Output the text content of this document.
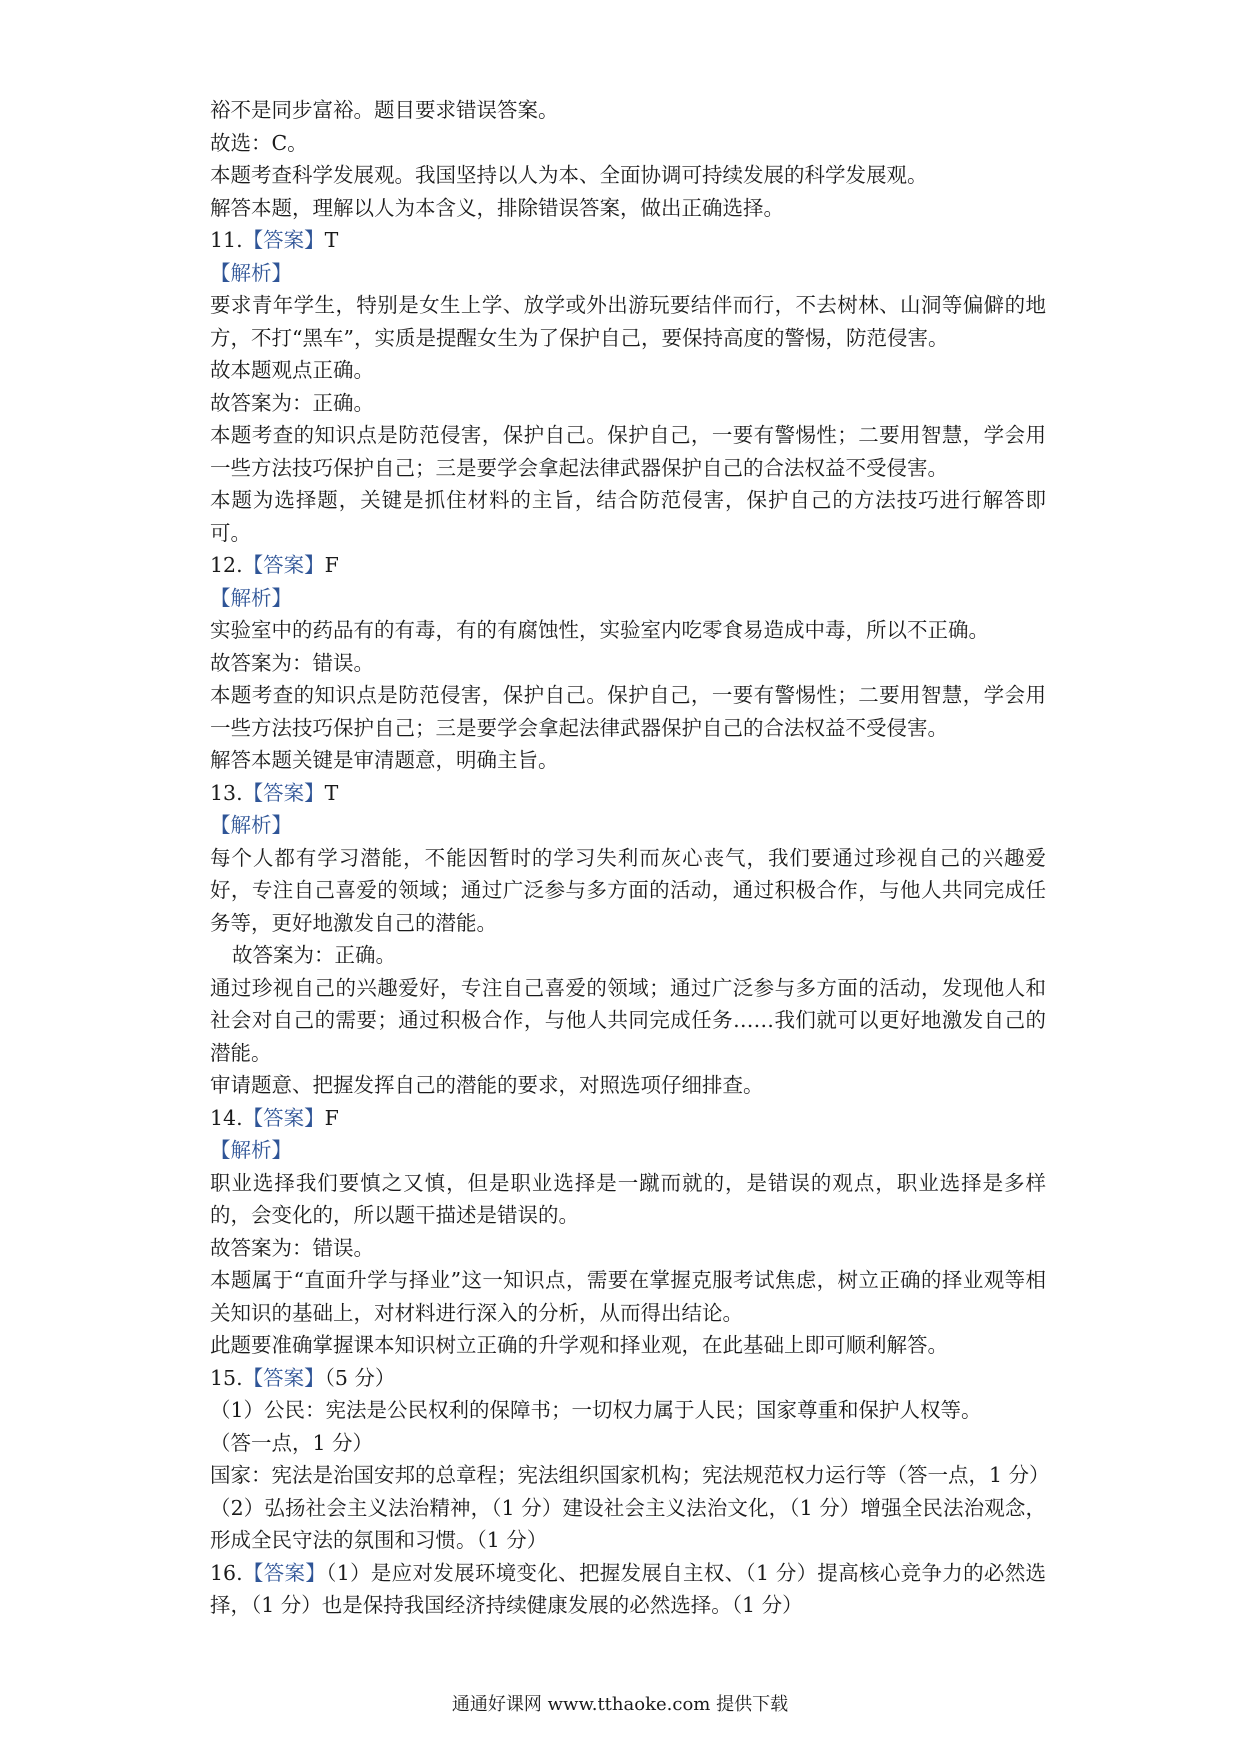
裕不是同步富裕。题目要求错误答案。
故选：C。
本题考查科学发展观。我国坚持以人为本、全面协调可持续发展的科学发展观。
解答本题，理解以人为本含义，排除错误答案，做出正确选择。
11.【答案】T
【解析】
要求青年学生，特别是女生上学、放学或外出游玩要结伴而行，不去树林、山洞等偏僻的地方，不打“黑车”，实质是提醒女生为了保护自己，要保持高度的警惕，防范侵害。
故本题观点正确。
故答案为：正确。
本题考查的知识点是防范侵害，保护自己。保护自己，一要有警惕性；二要用智慧，学会用一些方法技巧保护自己；三是要学会拿起法律武器保护自己的合法权益不受侵害。
本题为选择题，关键是抓住材料的主旨，结合防范侵害，保护自己的方法技巧进行解答即可。
12.【答案】F
【解析】
实验室中的药品有的有毒，有的有腐蚀性，实验室内吃零食易造成中毒，所以不正确。
故答案为：错误。
本题考查的知识点是防范侵害，保护自己。保护自己，一要有警惕性；二要用智慧，学会用一些方法技巧保护自己；三是要学会拿起法律武器保护自己的合法权益不受侵害。
解答本题关键是审清题意，明确主旨。
13.【答案】T
【解析】
每个人都有学习潜能，不能因暂时的学习失利而灰心丧气，我们要通过珍视自己的兴趣爱好，专注自己喜爱的领域；通过广泛参与多方面的活动，通过积极合作，与他人共同完成任务等，更好地激发自己的潜能。
故答案为：正确。
通过珍视自己的兴趣爱好，专注自己喜爱的领域；通过广泛参与多方面的活动，发现他人和社会对自己的需要；通过积极合作，与他人共同完成任务……我们就可以更好地激发自己的潜能。
审请题意、把握发挥自己的潜能的要求，对照选项仔细排查。
14.【答案】F
【解析】
职业选择我们要慎之又慎，但是职业选择是一蹴而就的，是错误的观点，职业选择是多样的，会变化的，所以题干描述是错误的。
故答案为：错误。
本题属于“直面升学与择业”这一知识点，需要在掌握克服考试焦虑，树立正确的择业观等相关知识的基础上，对材料进行深入的分析，从而得出结论。
此题要准确掌握课本知识树立正确的升学观和择业观，在此基础上即可顺利解答。
15.【答案】（5 分）
（1）公民：宪法是公民权利的保障书；一切权力属于人民；国家尊重和保护人权等。
（答一点，1 分）
国家：宪法是治国安邦的总章程；宪法组织国家机构；宪法规范权力运行等（答一点，1 分）
（2）弘扬社会主义法治精神，（1 分）建设社会主义法治文化，（1 分）增强全民法治观念，形成全民守法的氛围和习惯。（1 分）
16.【答案】（1）是应对发展环境变化、把握发展自主权、（1 分）提高核心竞争力的必然选择，（1 分）也是保持我国经济持续健康发展的必然选择。（1 分）
通通好课网 www.tthaoke.com 提供下载
